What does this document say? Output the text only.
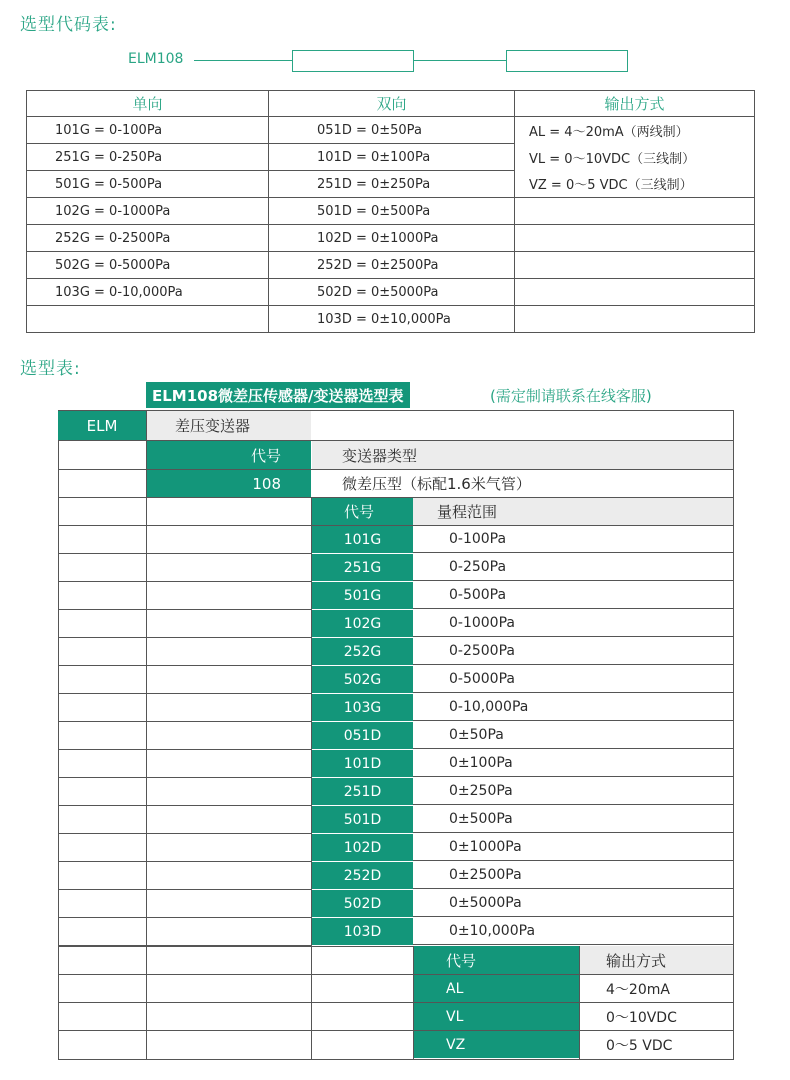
选型代码表:
ELM108
单向	双向	输出方式
101G = 0-100Pa	051D = 0±50Pa	AL = 4〜20mA（两线制）
251G = 0-250Pa	101D = 0±100Pa	VL = 0〜10VDC（三线制）
501G = 0-500Pa	251D = 0±250Pa	VZ = 0〜5 VDC（三线制）
102G = 0-1000Pa	501D = 0±500Pa	
252G = 0-2500Pa	102D = 0±1000Pa	
502G = 0-5000Pa	252D = 0±2500Pa	
103G = 0-10,000Pa	502D = 0±5000Pa	
	103D = 0±10,000Pa	
选型表:
ELM108微差压传感器/变送器选型表	(需定制请联系在线客服)
ELM	差压变送器
代号	变送器类型
108	微差压型（标配1.6米气管）
代号	量程范围
101G	0-100Pa
251G	0-250Pa
501G	0-500Pa
102G	0-1000Pa
252G	0-2500Pa
502G	0-5000Pa
103G	0-10,000Pa
051D	0±50Pa
101D	0±100Pa
251D	0±250Pa
501D	0±500Pa
102D	0±1000Pa
252D	0±2500Pa
502D	0±5000Pa
103D	0±10,000Pa
代号	输出方式
AL	4〜20mA
VL	0〜10VDC
VZ	0〜5 VDC
